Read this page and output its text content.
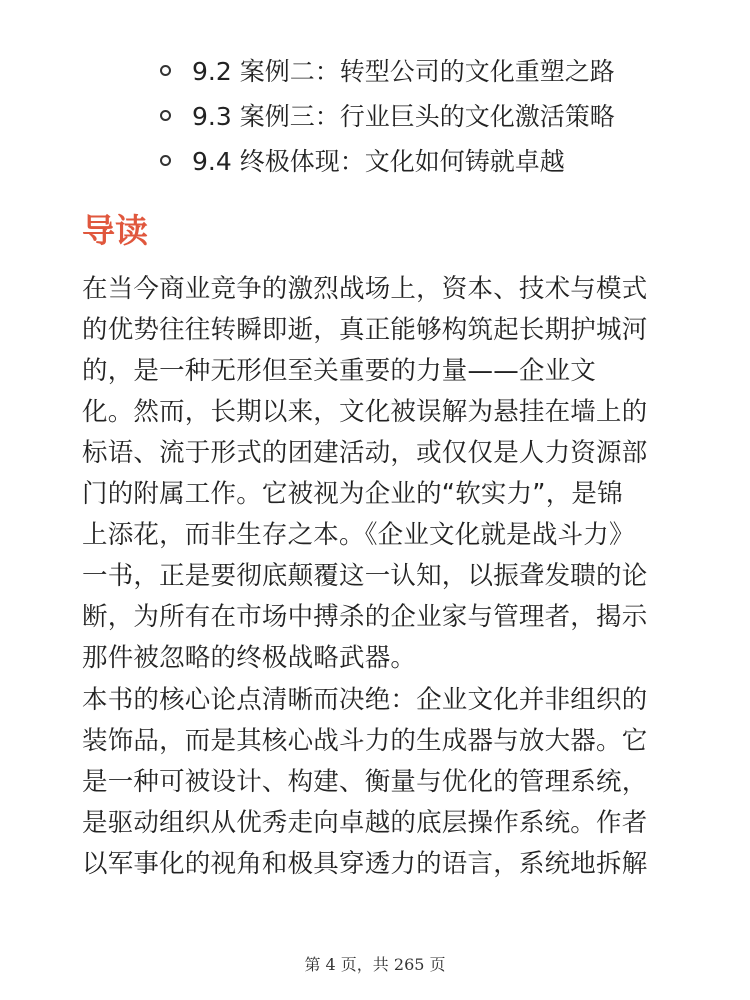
9.2 案例二：转型公司的文化重塑之路
9.3 案例三：行业巨头的文化激活策略
9.4 终极体现：文化如何铸就卓越
导读
在当今商业竞争的激烈战场上，资本、技术与模式
的优势往往转瞬即逝，真正能够构筑起长期护城河
的，是一种无形但至关重要的力量——企业文
化。然而，长期以来，文化被误解为悬挂在墙上的
标语、流于形式的团建活动，或仅仅是人力资源部
门的附属工作。它被视为企业的“软实力”，是锦
上添花，而非生存之本。《企业文化就是战斗力》
一书，正是要彻底颠覆这一认知，以振聋发聩的论
断，为所有在市场中搏杀的企业家与管理者，揭示
那件被忽略的终极战略武器。
本书的核心论点清晰而决绝：企业文化并非组织的
装饰品，而是其核心战斗力的生成器与放大器。它
是一种可被设计、构建、衡量与优化的管理系统，
是驱动组织从优秀走向卓越的底层操作系统。作者
以军事化的视角和极具穿透力的语言，系统地拆解
第 4 页，共 265 页
